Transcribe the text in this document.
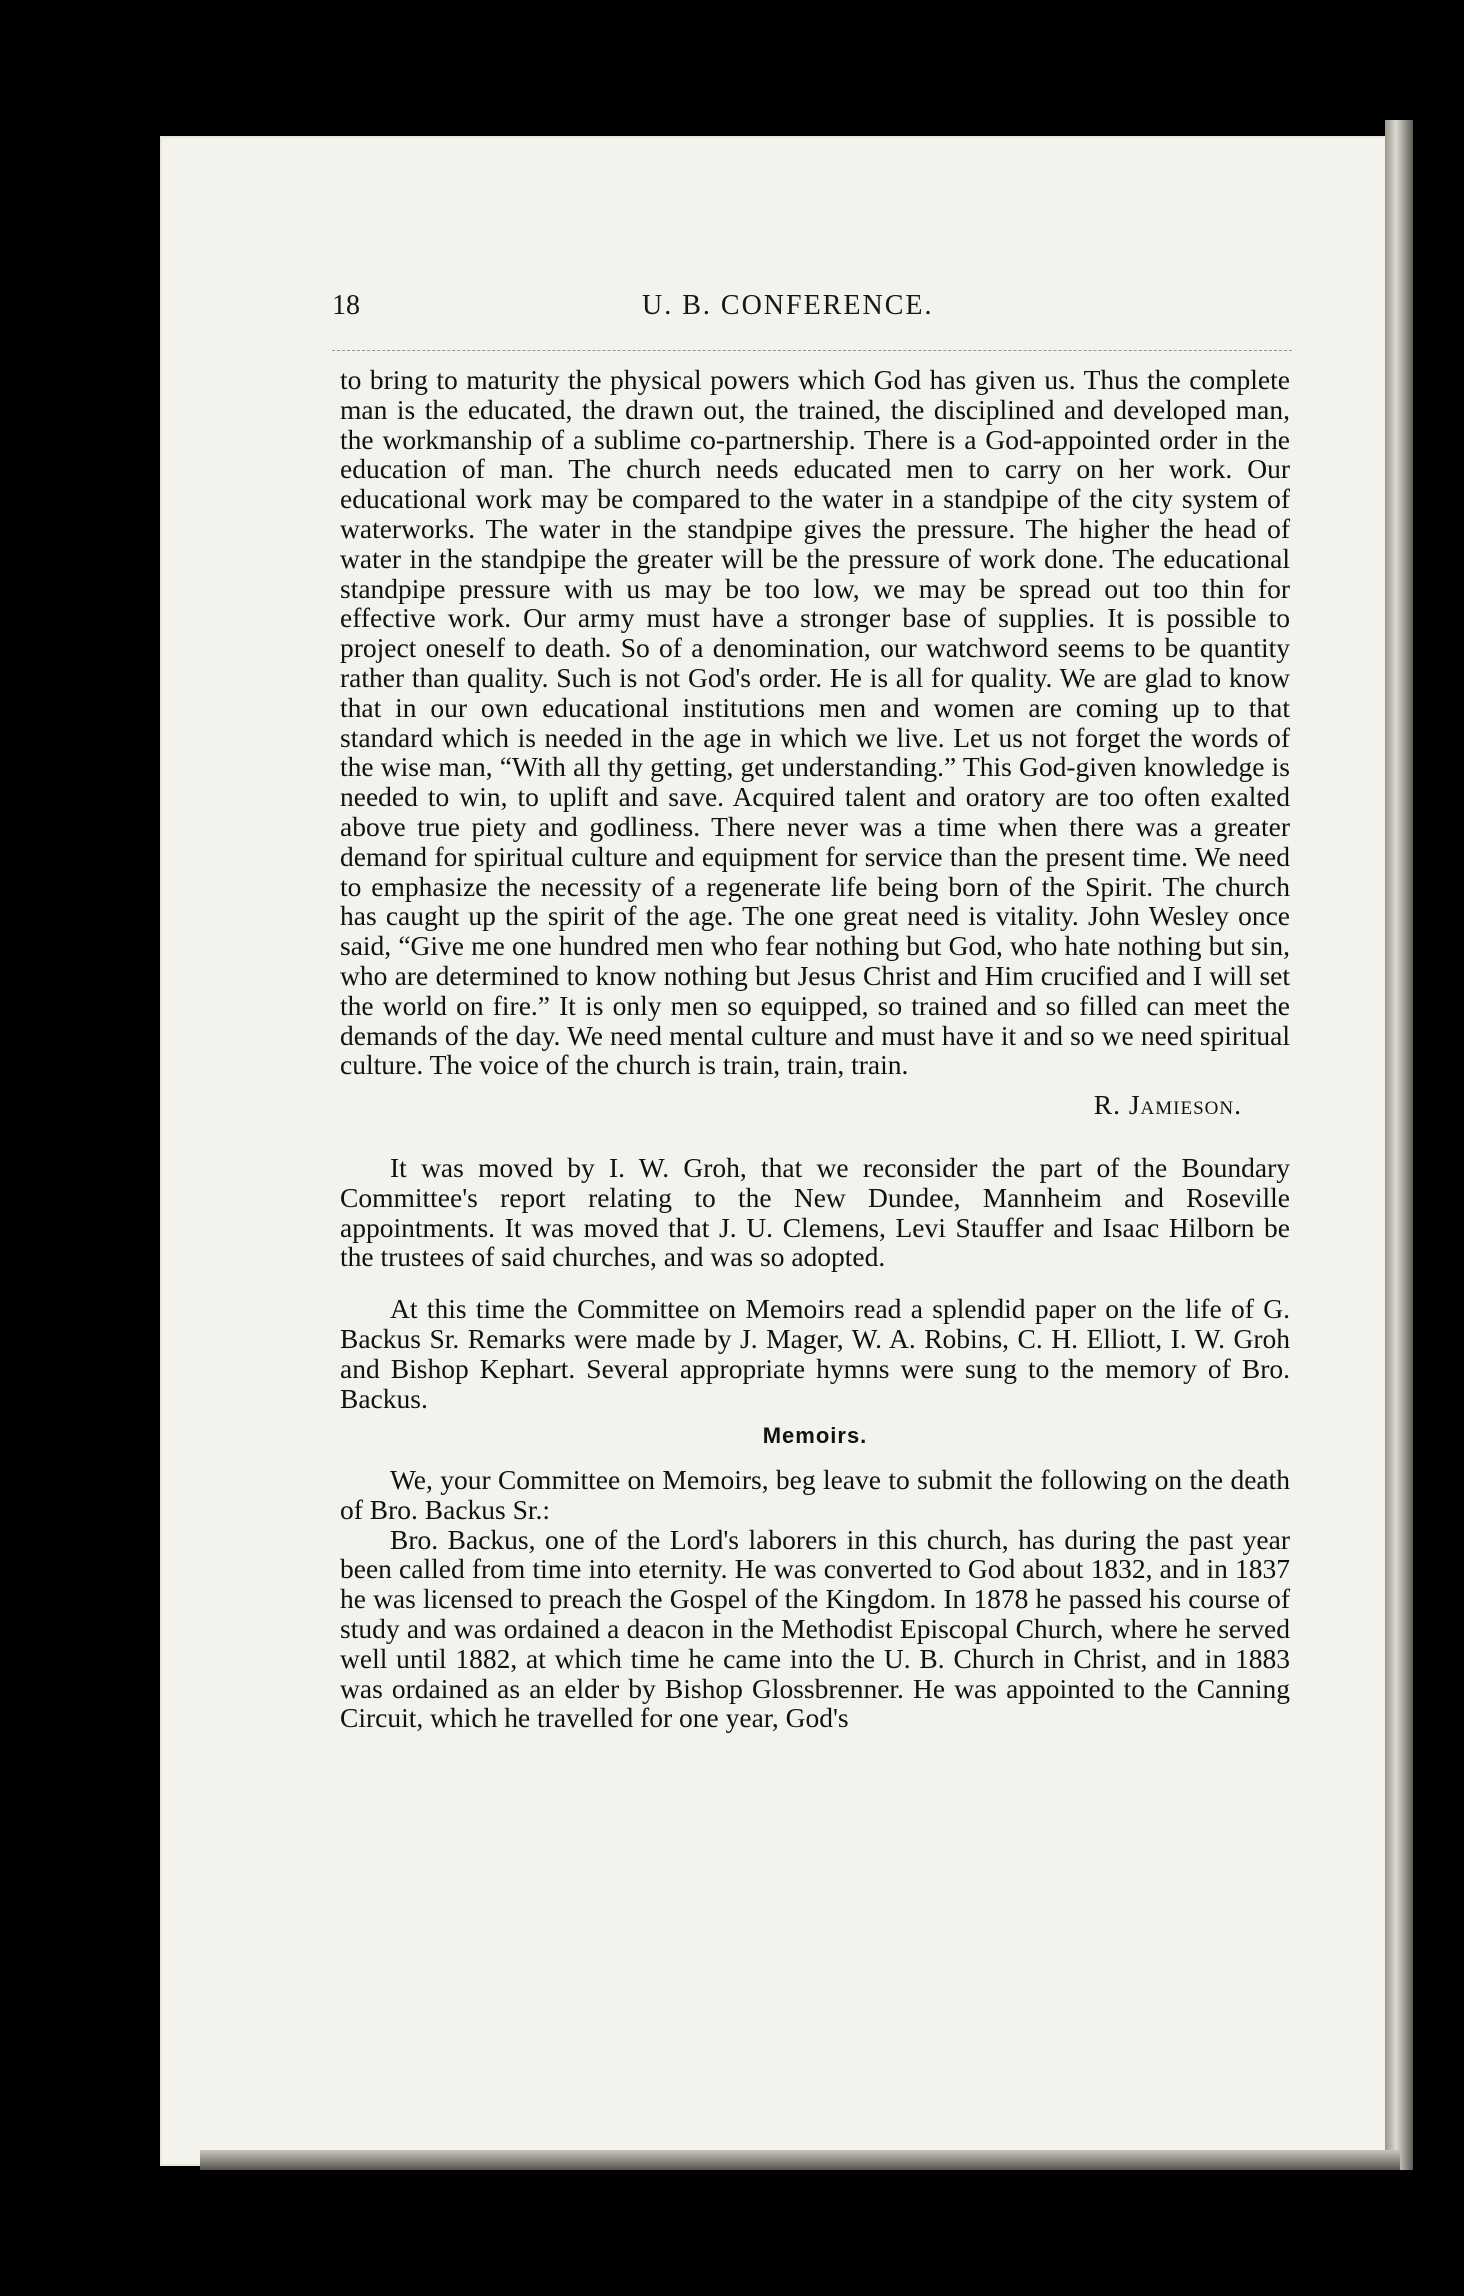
18	U. B. CONFERENCE.

to bring to maturity the physical powers which God has given us. Thus the complete man is the educated, the drawn out, the trained, the disciplined and developed man, the workmanship of a sublime co-partnership. There is a God-appointed order in the education of man. The church needs educated men to carry on her work. Our educational work may be compared to the water in a standpipe of the city system of waterworks. The water in the standpipe gives the pressure. The higher the head of water in the standpipe the greater will be the pressure of work done. The educational standpipe pressure with us may be too low, we may be spread out too thin for effective work. Our army must have a stronger base of supplies. It is possible to project oneself to death. So of a denomination, our watchword seems to be quantity rather than quality. Such is not God's order. He is all for quality. We are glad to know that in our own educational institutions men and women are coming up to that standard which is needed in the age in which we live. Let us not forget the words of the wise man, “With all thy getting, get understanding.” This God-given knowledge is needed to win, to uplift and save. Acquired talent and oratory are too often exalted above true piety and godliness. There never was a time when there was a greater demand for spiritual culture and equipment for service than the present time. We need to emphasize the necessity of a regenerate life being born of the Spirit. The church has caught up the spirit of the age. The one great need is vitality. John Wesley once said, “Give me one hundred men who fear nothing but God, who hate nothing but sin, who are determined to know nothing but Jesus Christ and Him crucified and I will set the world on fire.” It is only men so equipped, so trained and so filled can meet the demands of the day. We need mental culture and must have it and so we need spiritual culture. The voice of the church is train, train, train.

R. Jamieson.

It was moved by I. W. Groh, that we reconsider the part of the Boundary Committee's report relating to the New Dundee, Mannheim and Roseville appointments. It was moved that J. U. Clemens, Levi Stauffer and Isaac Hilborn be the trustees of said churches, and was so adopted.

At this time the Committee on Memoirs read a splendid paper on the life of G. Backus Sr. Remarks were made by J. Mager, W. A. Robins, C. H. Elliott, I. W. Groh and Bishop Kephart. Several appropriate hymns were sung to the memory of Bro. Backus.

Memoirs.

We, your Committee on Memoirs, beg leave to submit the following on the death of Bro. Backus Sr.:

Bro. Backus, one of the Lord's laborers in this church, has during the past year been called from time into eternity. He was converted to God about 1832, and in 1837 he was licensed to preach the Gospel of the Kingdom. In 1878 he passed his course of study and was ordained a deacon in the Methodist Episcopal Church, where he served well until 1882, at which time he came into the U. B. Church in Christ, and in 1883 was ordained as an elder by Bishop Glossbrenner. He was appointed to the Canning Circuit, which he travelled for one year, God's
